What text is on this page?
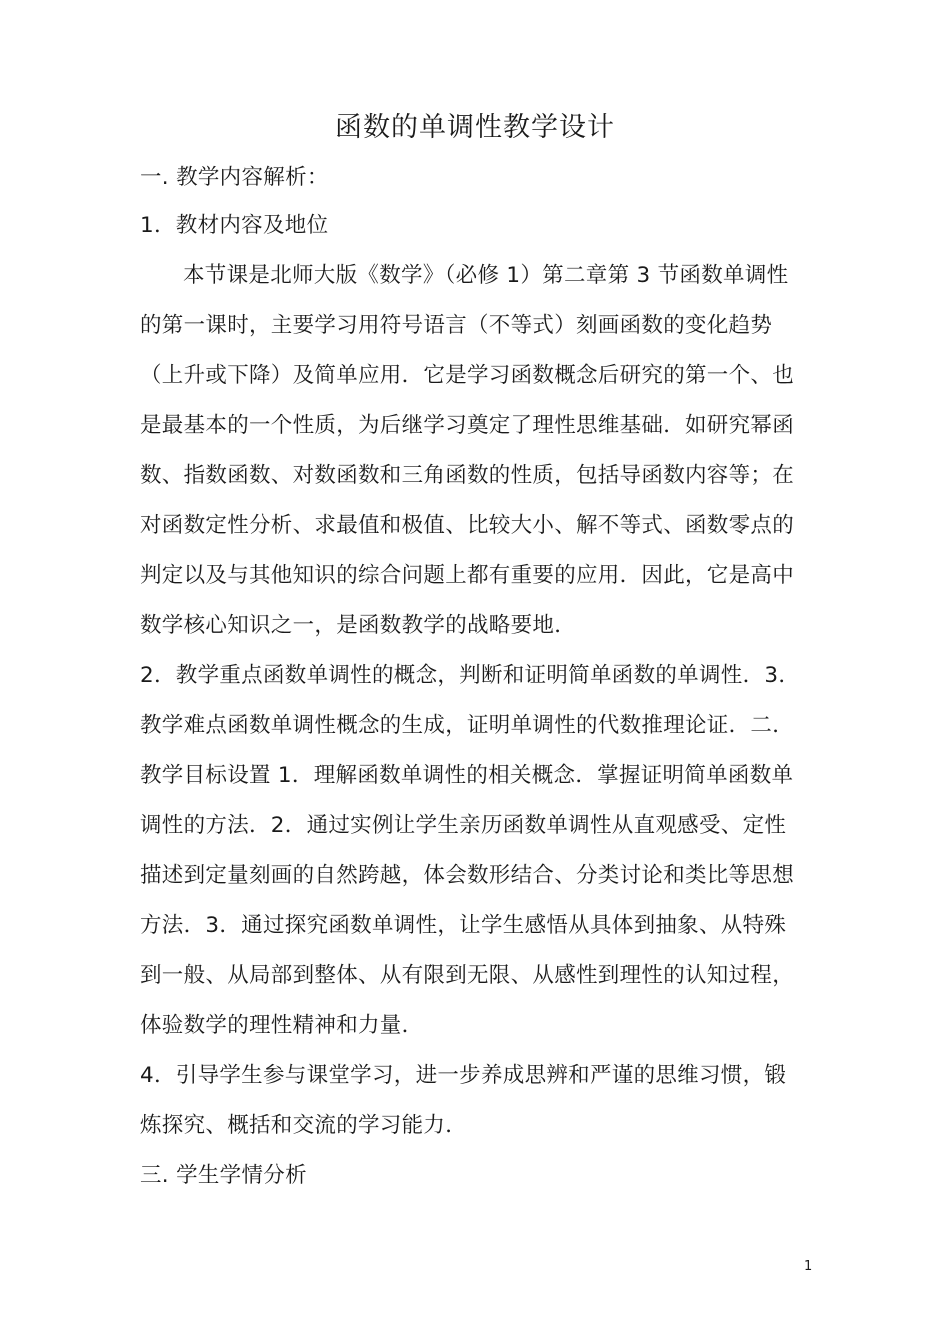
函数的单调性教学设计
一. 教学内容解析：
1．教材内容及地位
本节课是北师大版《数学》（必修 1）第二章第 3 节函数单调性
的第一课时，主要学习用符号语言（不等式）刻画函数的变化趋势
（上升或下降）及简单应用．它是学习函数概念后研究的第一个、也
是最基本的一个性质，为后继学习奠定了理性思维基础．如研究幂函
数、指数函数、对数函数和三角函数的性质，包括导函数内容等；在
对函数定性分析、求最值和极值、比较大小、解不等式、函数零点的
判定以及与其他知识的综合问题上都有重要的应用．因此，它是高中
数学核心知识之一，是函数教学的战略要地．
2．教学重点函数单调性的概念，判断和证明简单函数的单调性．3．
教学难点函数单调性概念的生成，证明单调性的代数推理论证．二．
教学目标设置 1．理解函数单调性的相关概念．掌握证明简单函数单
调性的方法．2．通过实例让学生亲历函数单调性从直观感受、定性
描述到定量刻画的自然跨越，体会数形结合、分类讨论和类比等思想
方法．3．通过探究函数单调性，让学生感悟从具体到抽象、从特殊
到一般、从局部到整体、从有限到无限、从感性到理性的认知过程，
体验数学的理性精神和力量．
4．引导学生参与课堂学习，进一步养成思辨和严谨的思维习惯，锻
炼探究、概括和交流的学习能力．
三. 学生学情分析
1
